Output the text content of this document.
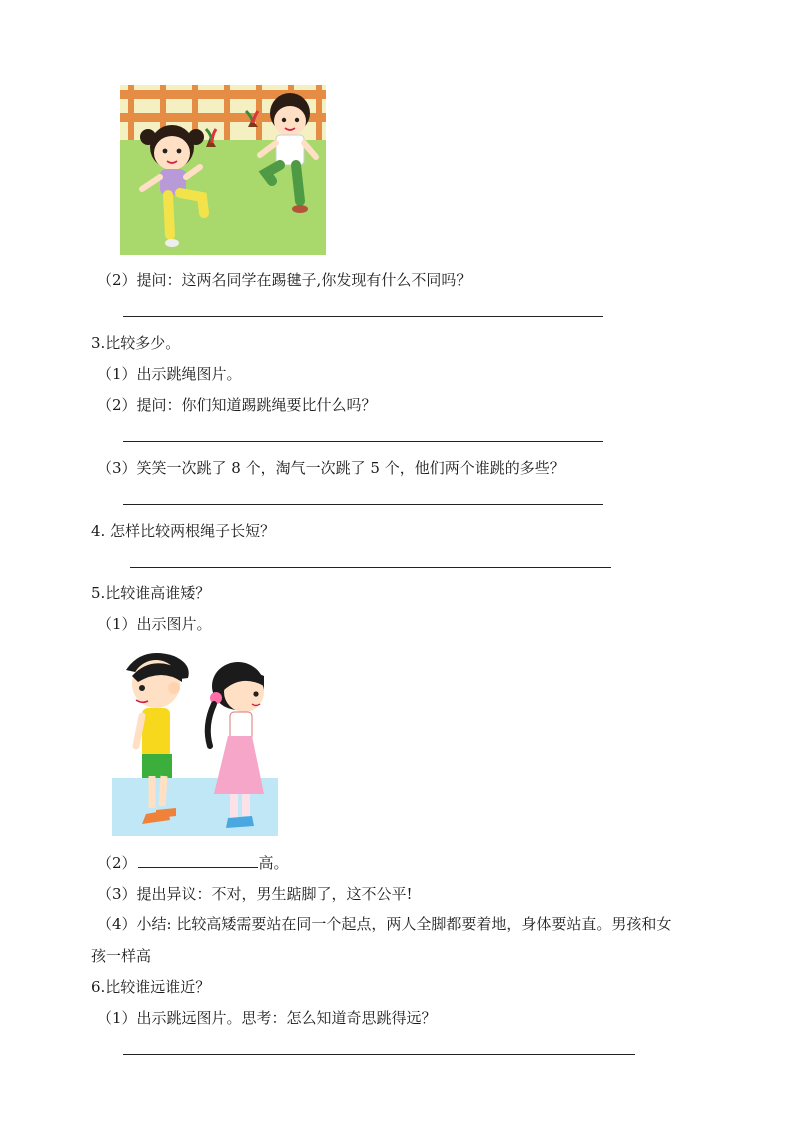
（2）提问：这两名同学在踢毽子,你发现有什么不同吗？
3.比较多少。
（1）出示跳绳图片。
（2）提问：你们知道踢跳绳要比什么吗？
（3）笑笑一次跳了 8 个，淘气一次跳了 5 个，他们两个谁跳的多些？
4. 怎样比较两根绳子长短？
5.比较谁高谁矮？
（1）出示图片。
（2）	高。
（3）提出异议：不对，男生踮脚了，这不公平!
（4）小结: 比较高矮需要站在同一个起点，两人全脚都要着地，身体要站直。男孩和女
孩一样高
6.比较谁远谁近？
（1）出示跳远图片。思考：怎么知道奇思跳得远？
